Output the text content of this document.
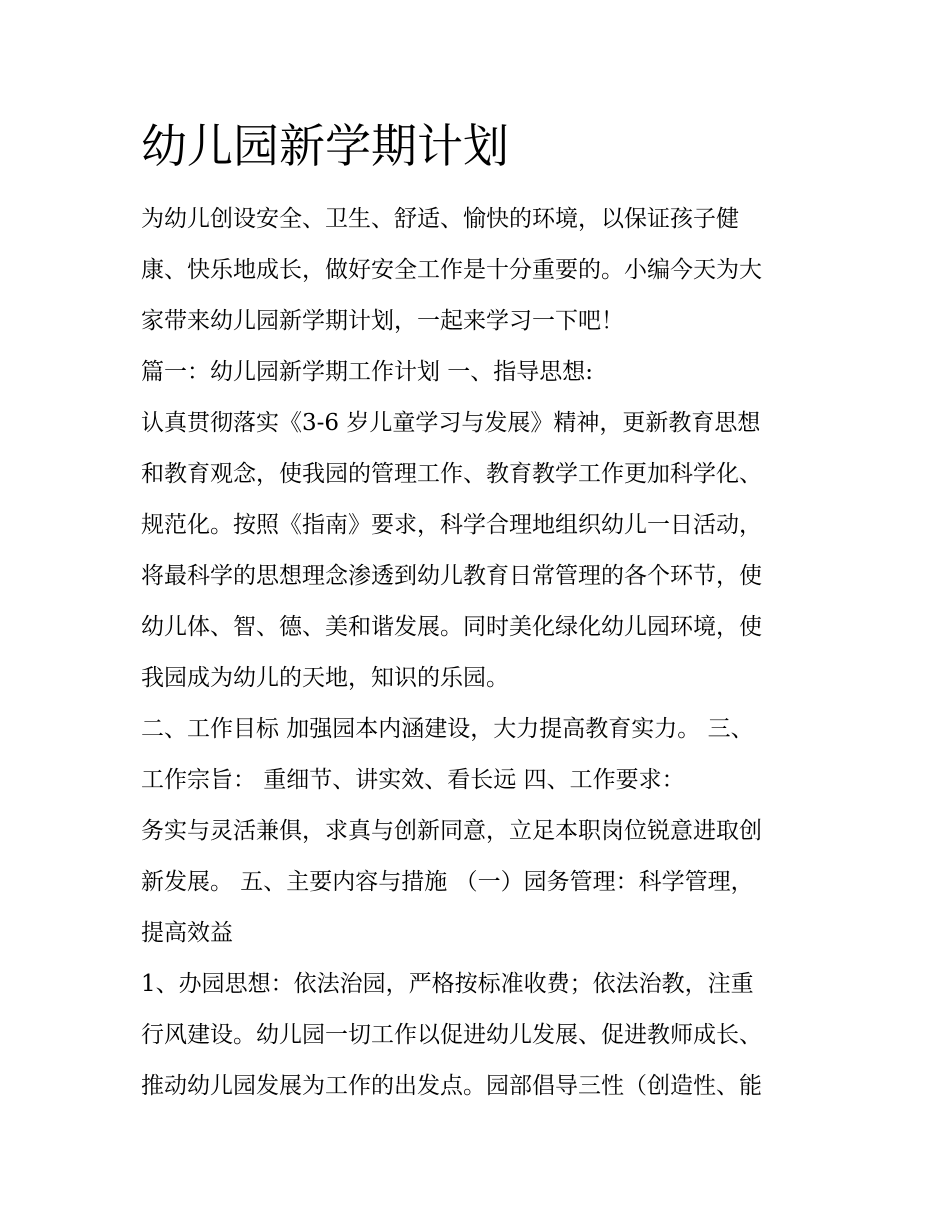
幼儿园新学期计划
为幼儿创设安全、卫生、舒适、愉快的环境，以保证孩子健
康、快乐地成长，做好安全工作是十分重要的。小编今天为大
家带来幼儿园新学期计划，一起来学习一下吧！
篇一：幼儿园新学期工作计划 一、指导思想:
认真贯彻落实《3-6 岁儿童学习与发展》精神，更新教育思想
和教育观念，使我园的管理工作、教育教学工作更加科学化、
规范化。按照《指南》要求，科学合理地组织幼儿一日活动，
将最科学的思想理念渗透到幼儿教育日常管理的各个环节，使
幼儿体、智、德、美和谐发展。同时美化绿化幼儿园环境，使
我园成为幼儿的天地，知识的乐园。
二、工作目标 加强园本内涵建设，大力提高教育实力。 三、
工作宗旨： 重细节、讲实效、看长远 四、工作要求：
务实与灵活兼俱，求真与创新同意，立足本职岗位锐意进取创
新发展。 五、主要内容与措施 （一）园务管理：科学管理，
提高效益
1、办园思想：依法治园，严格按标准收费；依法治教，注重
行风建设。幼儿园一切工作以促进幼儿发展、促进教师成长、
推动幼儿园发展为工作的出发点。园部倡导三性（创造性、能
